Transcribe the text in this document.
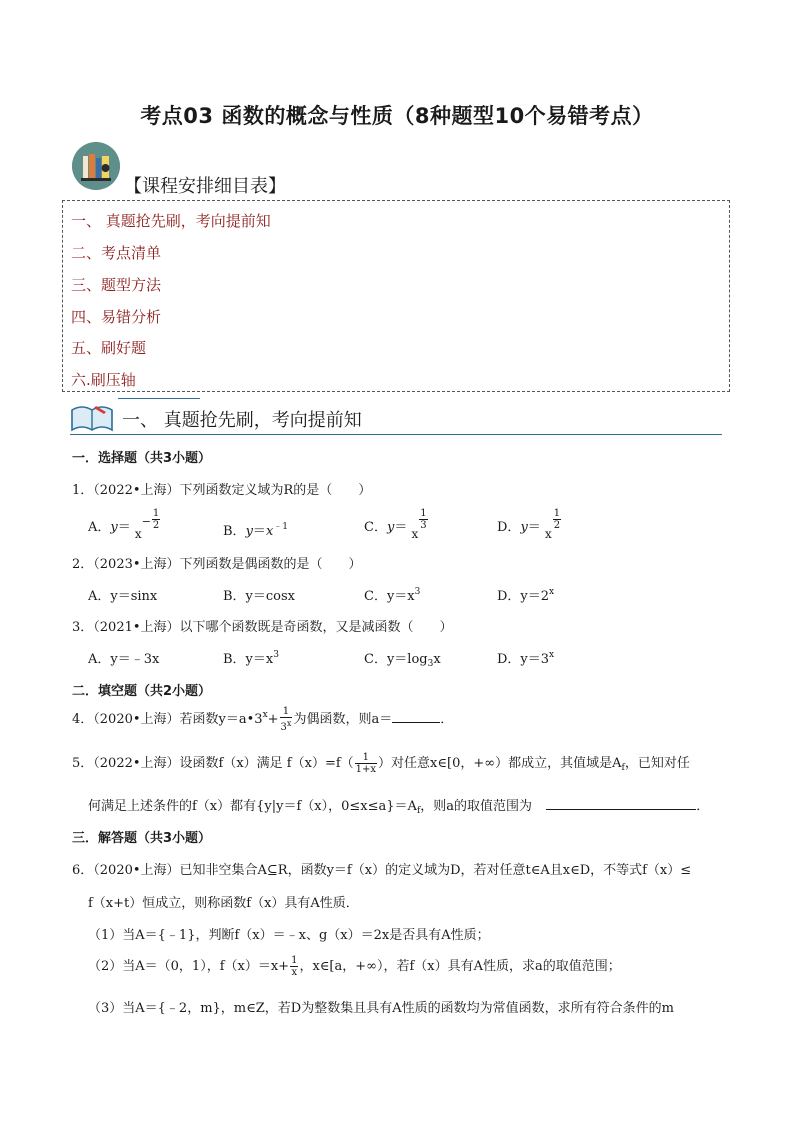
考点03 函数的概念与性质（8种题型10个易错考点）
【课程安排细目表】
一、 真题抢先刷，考向提前知
二、考点清单
三、题型方法
四、易错分析
五、刷好题
六.刷压轴
一、 真题抢先刷，考向提前知
一．选择题（共3小题）
1．（2022•上海）下列函数定义域为R的是（　　）
A．$y= x^- \frac{1}{2}$
B．$y=x^{﹣1}$	C．y＝ x
$\frac{1}{3}$	D．y＝ x
$\frac{1}{2}$
2．（2023•上海）下列函数是偶函数的是（　　）
A．y＝sinx	B．y＝cosx	C．$y=x^3$	D．$y=2^x$
3．（2021•上海）以下哪个函数既是奇函数，又是减函数（　　）
A．y＝﹣3x	B．$y=x^3$	C．$y=\log_3x$	D．$y=3^x$
二．填空题（共2小题）
4．（2020•上海）若函数$y=a•3^x+ \frac{1}{3^x}$ 为偶函数，则a＝	．
5．（2022•上海）设函数f（x）满足 $f(x)=f( \frac{1}{1+x}$ ）对任意x∈[0，+∞）都成立，其值域是$A_f$，已知对任
何满足上述条件的f（x）都有{y|y＝f（x），$0\le x\le a\}=A_f$，则a的取值范围为	．
三．解答题（共3小题）
6．（2020•上海）已知非空集合A⊆R，函数y＝f（x）的定义域为D，若对任意t∈A且x∈D，不等式f（x）≤
f（x+t）恒成立，则称函数f（x）具有A性质．
（1）当A＝{﹣1}，判断f（x）＝﹣x、g（x）＝2x是否具有A性质；
（2）当A＝（0，1），$f(x)=x+ \frac{1}{x}$ ，x∈[a，+∞），若f（x）具有A性质，求a的取值范围；
（3）当A＝{﹣2，m}，m∈Z，若D为整数集且具有A性质的函数均为常值函数，求所有符合条件的m
